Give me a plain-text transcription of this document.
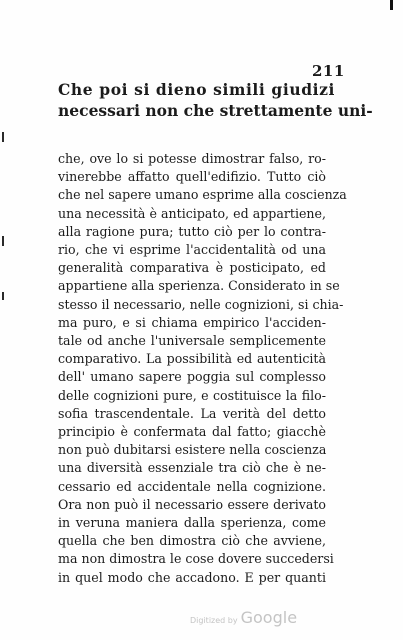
211
Che poi si dieno simili giudizi
necessari non che strettamente uni-
che, ove lo si potesse dimostrar falso, ro-
vinerebbe affatto quell'edifizio. Tutto ciò
che nel sapere umano esprime alla coscienza
una necessità è anticipato, ed appartiene,
alla ragione pura; tutto ciò per lo contra-
rio, che vi esprime l'accidentalità od una
generalità comparativa è posticipato, ed
appartiene alla sperienza. Considerato in se
stesso il necessario, nelle cognizioni, si chia-
ma puro, e si chiama empirico l'acciden-
tale od anche l'universale semplicemente
comparativo. La possibilità ed autenticità
dell' umano sapere poggia sul complesso
delle cognizioni pure, e costituisce la filo-
sofia trascendentale. La verità del detto
principio è confermata dal fatto; giacchè
non può dubitarsi esistere nella coscienza
una diversità essenziale tra ciò che è ne-
cessario ed accidentale nella cognizione.
Ora non può il necessario essere derivato
in veruna maniera dalla sperienza, come
quella che ben dimostra ciò che avviene,
ma non dimostra le cose dovere succedersi
in quel modo che accadono. E per quanti
Digitized by Google
